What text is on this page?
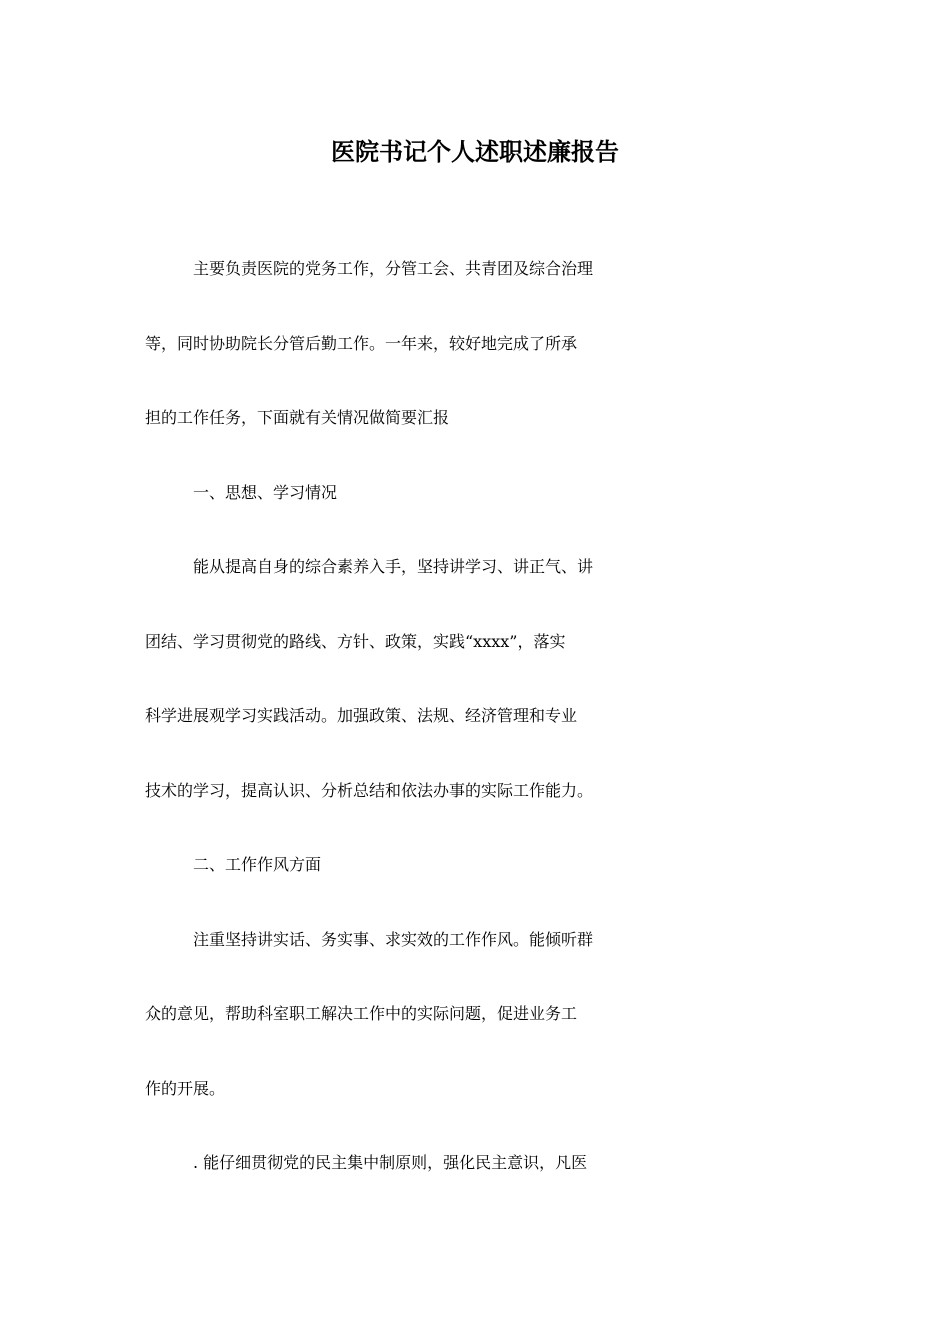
医院书记个人述职述廉报告
主要负责医院的党务工作，分管工会、共青团及综合治理
等，同时协助院长分管后勤工作。一年来，较好地完成了所承
担的工作任务，下面就有关情况做简要汇报
一、思想、学习情况
能从提高自身的综合素养入手，坚持讲学习、讲正气、讲
团结、学习贯彻党的路线、方针、政策，实践“xxxx”，落实
科学进展观学习实践活动。加强政策、法规、经济管理和专业
技术的学习，提高认识、分析总结和依法办事的实际工作能力。
二、工作作风方面
注重坚持讲实话、务实事、求实效的工作作风。能倾听群
众的意见，帮助科室职工解决工作中的实际问题，促进业务工
作的开展。
. 能仔细贯彻党的民主集中制原则，强化民主意识，凡医
